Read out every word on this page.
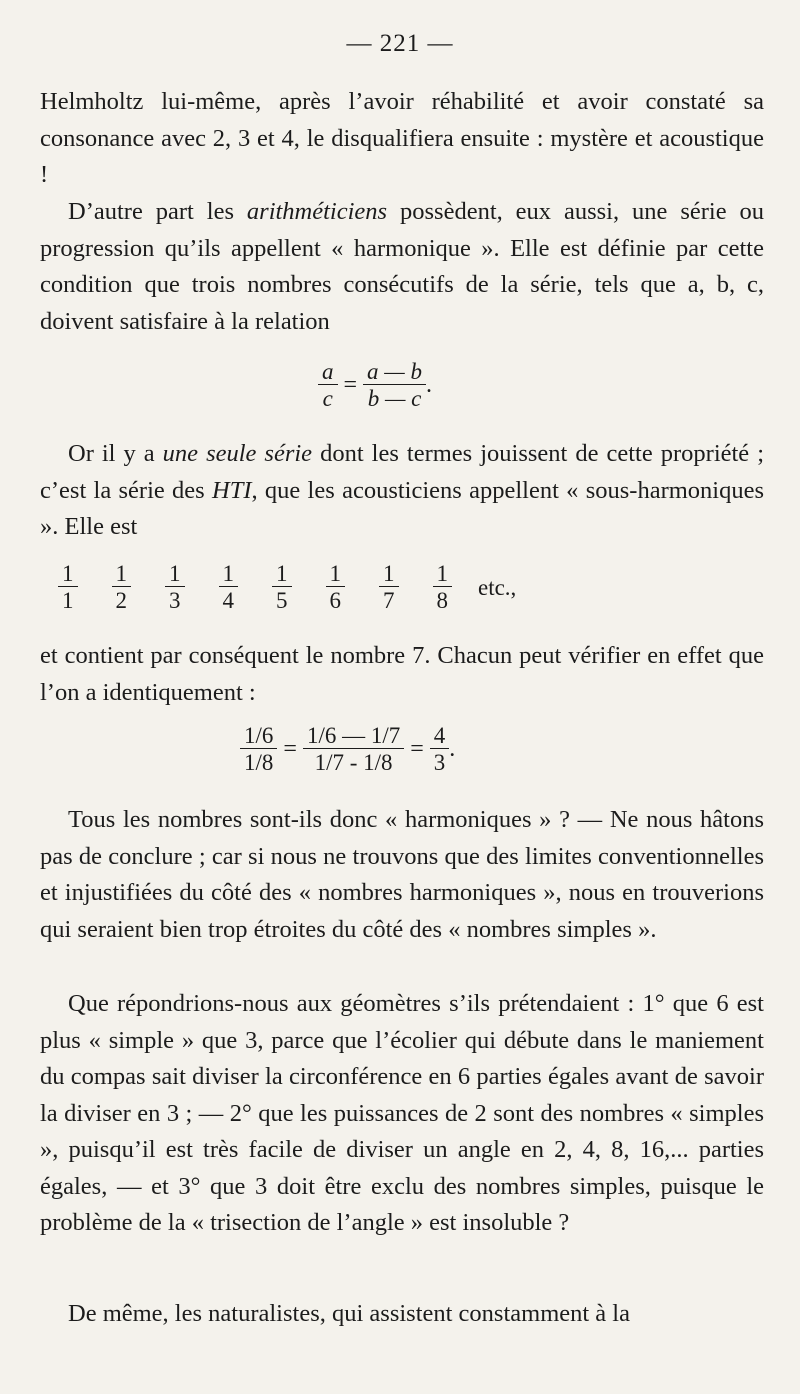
— 221 —
Helmholtz lui-même, après l’avoir réhabilité et avoir constaté sa consonance avec 2, 3 et 4, le disqualifiera ensuite : mystère et acoustique !
D’autre part les arithméticiens possèdent, eux aussi, une série ou progression qu’ils appellent « harmonique ». Elle est définie par cette condition que trois nombres consécutifs de la série, tels que a, b, c, doivent satisfaire à la relation
$\frac{a}{c} = \frac{a — b}{b — c}$ .
Or il y a une seule série dont les termes jouissent de cette propriété ; c’est la série des HTI, que les acousticiens appellent « sous-harmoniques ». Elle est
$\frac{1}{1} \frac{1}{2} \frac{1}{3} \frac{1}{4} \frac{1}{5} \frac{1}{6} \frac{1}{7} \frac{1}{8}$ etc.,
et contient par conséquent le nombre 7. Chacun peut vérifier en effet que l’on a identiquement :
$\frac{1/6}{1/8} = \frac{1/6 — 1/7}{1/7 - 1/8} = \frac{4}{3}$ .
Tous les nombres sont-ils donc « harmoniques » ? — Ne nous hâtons pas de conclure ; car si nous ne trouvons que des limites conventionnelles et injustifiées du côté des « nombres harmoniques », nous en trouverions qui seraient bien trop étroites du côté des « nombres simples ».
Que répondrions-nous aux géomètres s’ils prétendaient : 1° que 6 est plus « simple » que 3, parce que l’écolier qui débute dans le maniement du compas sait diviser la circonférence en 6 parties égales avant de savoir la diviser en 3 ; — 2° que les puissances de 2 sont des nombres « simples », puisqu’il est très facile de diviser un angle en 2, 4, 8, 16,... parties égales, — et 3° que 3 doit être exclu des nombres simples, puisque le problème de la « trisection de l’angle » est insoluble ?
De même, les naturalistes, qui assistent constamment à la
